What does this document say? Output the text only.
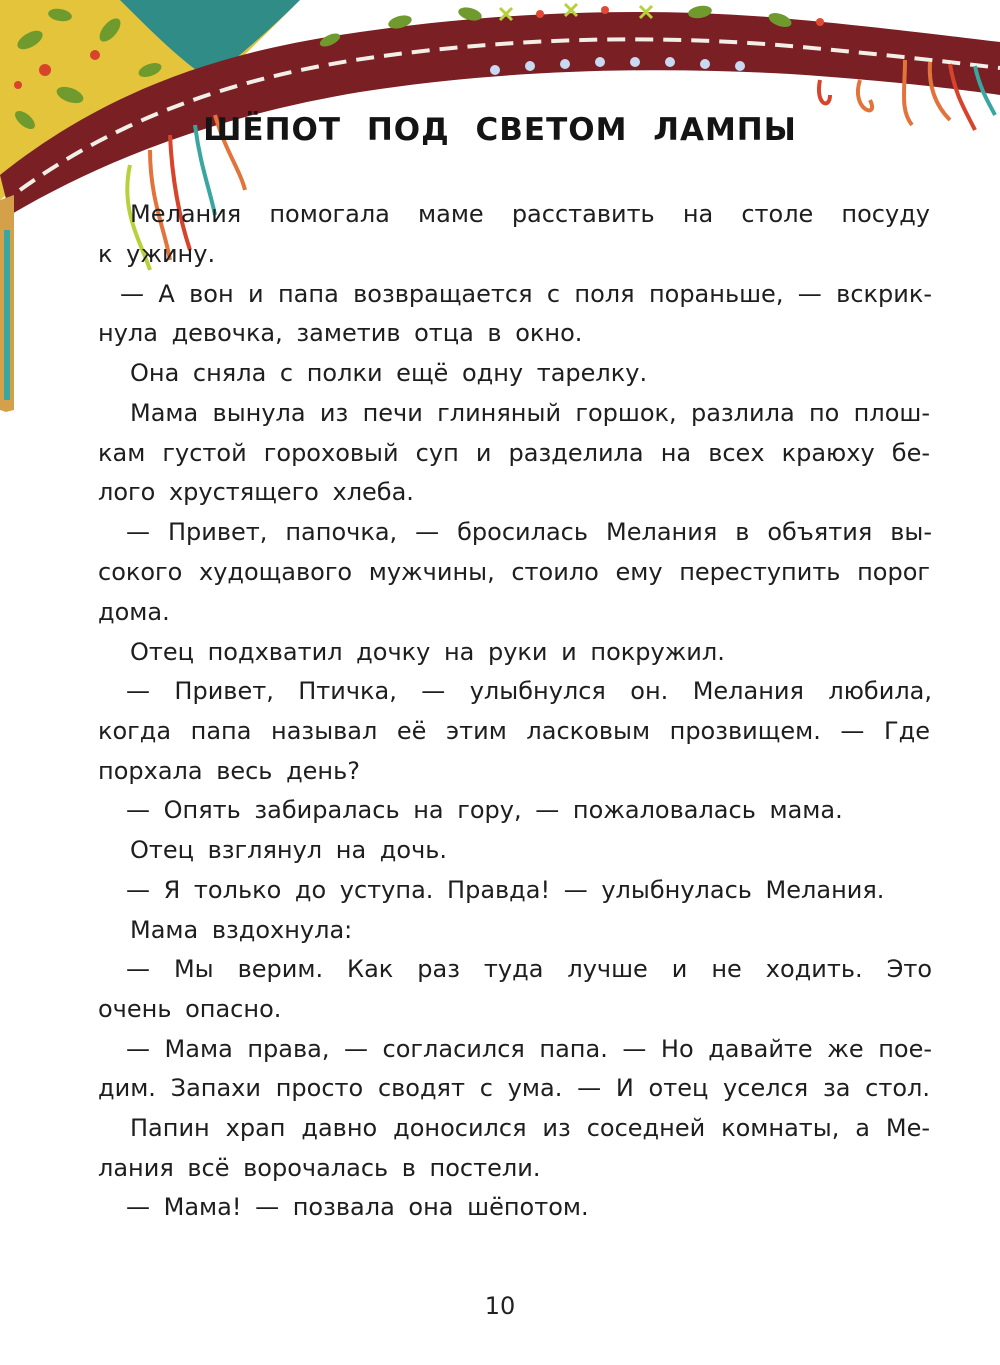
ШЁПОТ ПОД СВЕТОМ ЛАМПЫ
Мелания помогала маме расставить на столе посуду
к ужину.
— А вон и папа возвращается с поля пораньше, — вскрик-
нула девочка, заметив отца в окно.
Она сняла с полки ещё одну тарелку.
Мама вынула из печи глиняный горшок, разлила по плош-
кам густой гороховый суп и разделила на всех краюху бе-
лого хрустящего хлеба.
— Привет, папочка, — бросилась Мелания в объятия вы-
сокого худощавого мужчины, стоило ему переступить порог
дома.
Отец подхватил дочку на руки и покружил.
— Привет, Птичка, — улыбнулся он. Мелания любила,
когда папа называл её этим ласковым прозвищем. — Где
порхала весь день?
— Опять забиралась на гору, — пожаловалась мама.
Отец взглянул на дочь.
— Я только до уступа. Правда! — улыбнулась Мелания.
Мама вздохнула:
— Мы верим. Как раз туда лучше и не ходить. Это
очень опасно.
— Мама права, — согласился папа. — Но давайте же пое-
дим. Запахи просто сводят с ума. — И отец уселся за стол.
Папин храп давно доносился из соседней комнаты, а Ме-
лания всё ворочалась в постели.
— Мама! — позвала она шёпотом.
10
